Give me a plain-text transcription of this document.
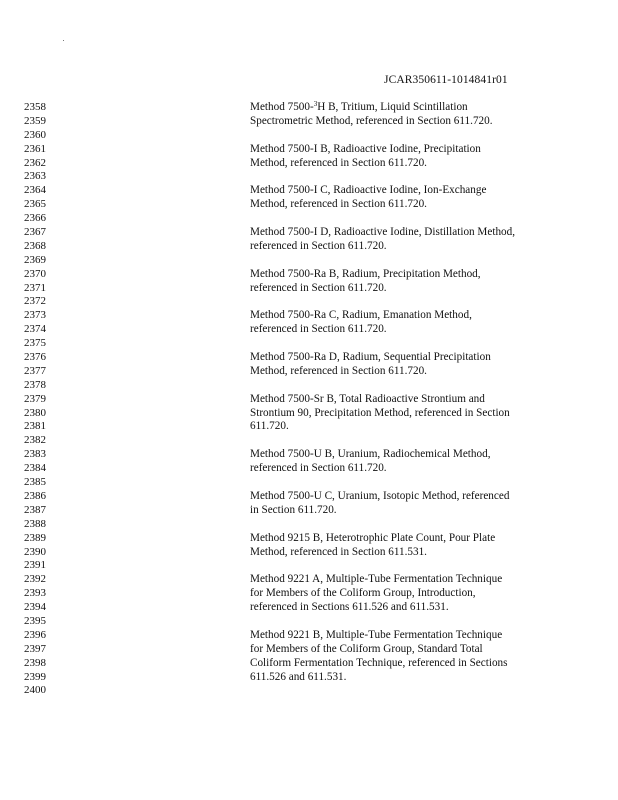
JCAR350611-1014841r01
2358
2359
2360
2361
2362
2363
2364
2365
2366
2367
2368
2369
2370
2371
2372
2373
2374
2375
2376
2377
2378
2379
2380
2381
2382
2383
2384
2385
2386
2387
2388
2389
2390
2391
2392
2393
2394
2395
2396
2397
2398
2399
2400
Method 7500-$^3$H B, Tritium, Liquid Scintillation
Spectrometric Method, referenced in Section 611.720.
Method 7500-I B, Radioactive Iodine, Precipitation
Method, referenced in Section 611.720.
Method 7500-I C, Radioactive Iodine, Ion-Exchange
Method, referenced in Section 611.720.
Method 7500-I D, Radioactive Iodine, Distillation Method,
referenced in Section 611.720.
Method 7500-Ra B, Radium, Precipitation Method,
referenced in Section 611.720.
Method 7500-Ra C, Radium, Emanation Method,
referenced in Section 611.720.
Method 7500-Ra D, Radium, Sequential Precipitation
Method, referenced in Section 611.720.
Method 7500-Sr B, Total Radioactive Strontium and
Strontium 90, Precipitation Method, referenced in Section
611.720.
Method 7500-U B, Uranium, Radiochemical Method,
referenced in Section 611.720.
Method 7500-U C, Uranium, Isotopic Method, referenced
in Section 611.720.
Method 9215 B, Heterotrophic Plate Count, Pour Plate
Method, referenced in Section 611.531.
Method 9221 A, Multiple-Tube Fermentation Technique
for Members of the Coliform Group, Introduction,
referenced in Sections 611.526 and 611.531.
Method 9221 B, Multiple-Tube Fermentation Technique
for Members of the Coliform Group, Standard Total
Coliform Fermentation Technique, referenced in Sections
611.526 and 611.531.
